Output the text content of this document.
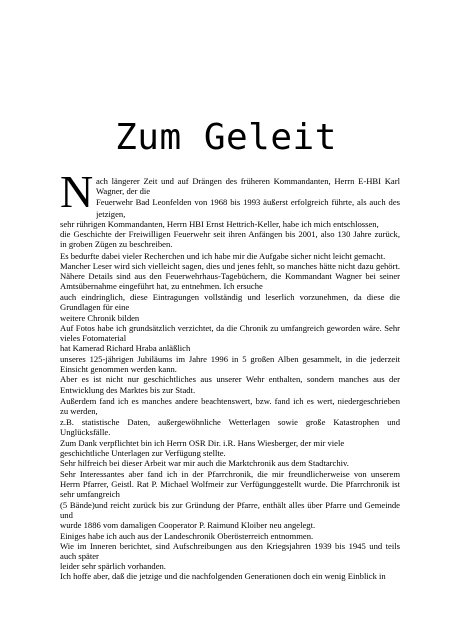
Zum Geleit
N ach längerer Zeit und auf Drängen des früheren Kommandanten, Herrn E-HBI Karl
Wagner, der die
Feuerwehr Bad Leonfelden von 1968 bis 1993 äußerst erfolgreich führte, als auch des
jetzigen,
sehr rührigen Kommandanten, Herrn HBI Ernst Hettrich-Keller, habe ich mich entschlossen,
die Geschichte der Freiwilligen Feuerwehr seit ihren Anfängen bis 2001, also 130 Jahre zurück,
in groben Zügen zu beschreiben.
Es bedurfte dabei vieler Recherchen und ich habe mir die Aufgabe sicher nicht leicht gemacht.
Mancher Leser wird sich vielleicht sagen, dies und jenes fehlt, so manches hätte nicht dazu gehört.
Nähere Details sind aus den Feuerwehrhaus-Tagebüchern, die Kommandant Wagner bei seiner
Amtsübernahme eingeführt hat, zu entnehmen. Ich ersuche
auch eindringlich, diese Eintragungen vollständig und leserlich vorzunehmen, da diese die
Grundlagen für eine
weitere Chronik bilden
Auf Fotos habe ich grundsätzlich verzichtet, da die Chronik zu umfangreich geworden wäre. Sehr
vieles Fotomaterial
hat Kamerad Richard Hraba anläßlich
unseres 125-jährigen Jubiläums im Jahre 1996 in 5 großen Alben gesammelt, in die jederzeit
Einsicht genommen werden kann.
Aber es ist nicht nur geschichtliches aus unserer Wehr enthalten, sondern manches aus der
Entwicklung des Marktes bis zur Stadt.
Außerdem fand ich es manches andere beachtenswert, bzw. fand ich es wert, niedergeschrieben
zu werden,
z.B. statistische Daten, außergewöhnliche Wetterlagen sowie große Katastrophen und
Unglücksfälle.
Zum Dank verpflichtet bin ich Herrn OSR Dir. i.R. Hans Wiesberger, der mir viele
geschichtliche Unterlagen zur Verfügung stellte.
Sehr hilfreich bei dieser Arbeit war mir auch die Marktchronik aus dem Stadtarchiv.
Sehr Interessantes aber fand ich in der Pfarrchronik, die mir freundlicherweise von unserem
Herrn Pfarrer, Geistl. Rat P. Michael Wolfmeir zur Verfügunggestellt wurde. Die Pfarrchronik ist
sehr umfangreich
(5 Bände)und reicht zurück bis zur Gründung der Pfarre, enthält alles über Pfarre und Gemeinde
und
wurde 1886 vom damaligen Cooperator P. Raimund Kloiber neu angelegt.
Einiges habe ich auch aus der Landeschronik Oberösterreich entnommen.
Wie im Inneren berichtet, sind Aufschreibungen aus den Kriegsjahren 1939 bis 1945 und teils
auch später
leider sehr spärlich vorhanden.
Ich hoffe aber, daß die jetzige und die nachfolgenden Generationen doch ein wenig Einblick in
